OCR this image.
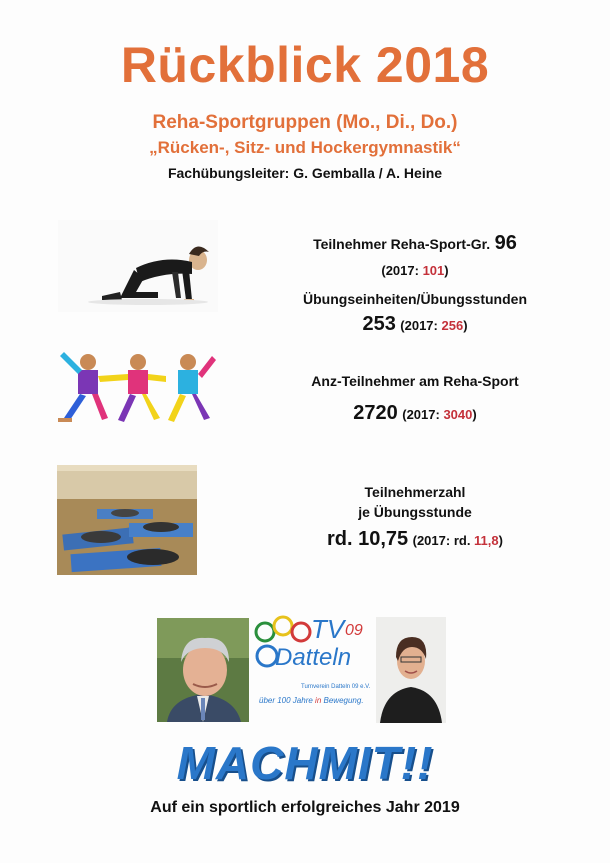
Rückblick 2018
Reha-Sportgruppen (Mo., Di., Do.)
„Rücken-, Sitz- und Hockergymnastik“
Fachübungsleiter: G. Gemballa / A. Heine
Teilnehmer Reha-Sport-Gr. 96
(2017: 101)
Übungseinheiten/Übungsstunden
253 (2017: 256)
Anz-Teilnehmer am Reha-Sport
2720 (2017: 3040)
Teilnehmerzahl
je Übungsstunde
rd. 10,75 (2017: rd. 11,8)
TV 09
Datteln
Turnverein Datteln 09 e.V.
über 100 Jahre in Bewegung.
MACHMIT!!
Auf ein sportlich erfolgreiches Jahr 2019
